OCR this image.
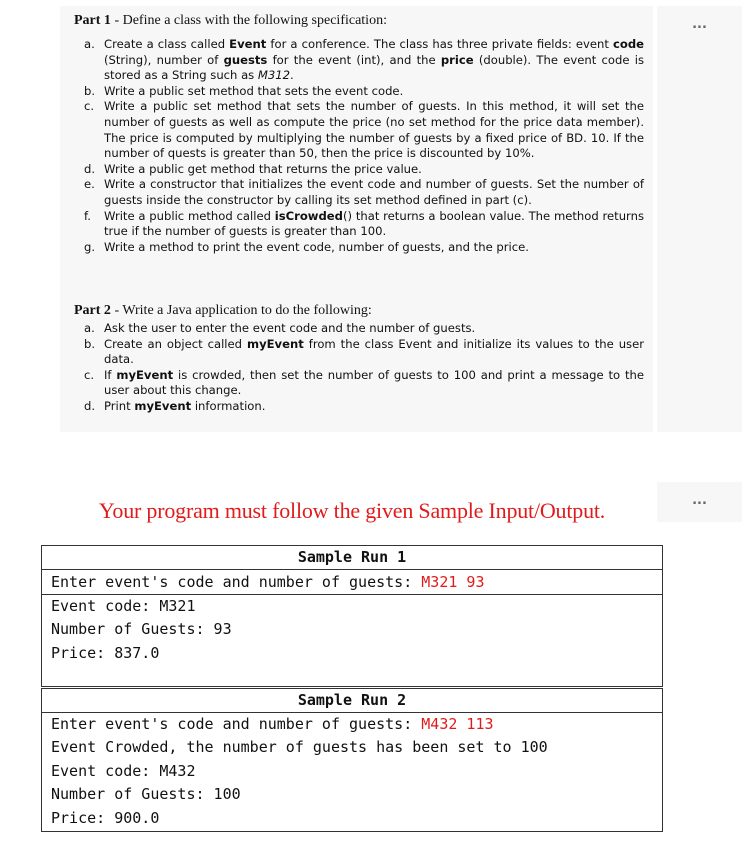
...
...
Part 1 - Define a class with the following specification:
a. Create a class called Event for a conference. The class has three private fields: event code (String), number of guests for the event (int), and the price (double). The event code is stored as a String such as M312.
b. Write a public set method that sets the event code.
c. Write a public set method that sets the number of guests. In this method, it will set the number of guests as well as compute the price (no set method for the price data member). The price is computed by multiplying the number of guests by a fixed price of BD. 10. If the number of quests is greater than 50, then the price is discounted by 10%.
d. Write a public get method that returns the price value.
e. Write a constructor that initializes the event code and number of guests. Set the number of guests inside the constructor by calling its set method defined in part (c).
f. Write a public method called isCrowded() that returns a boolean value. The method returns true if the number of guests is greater than 100.
g. Write a method to print the event code, number of guests, and the price.
Part 2 - Write a Java application to do the following:
a. Ask the user to enter the event code and the number of guests.
b. Create an object called myEvent from the class Event and initialize its values to the user data.
c. If myEvent is crowded, then set the number of guests to 100 and print a message to the user about this change.
d. Print myEvent information.
Your program must follow the given Sample Input/Output.
Sample Run 1
Enter event's code and number of guests: M321 93
Event code: M321
Number of Guests: 93
Price: 837.0
Sample Run 2
Enter event's code and number of guests: M432 113
Event Crowded, the number of guests has been set to 100
Event code: M432
Number of Guests: 100
Price: 900.0
